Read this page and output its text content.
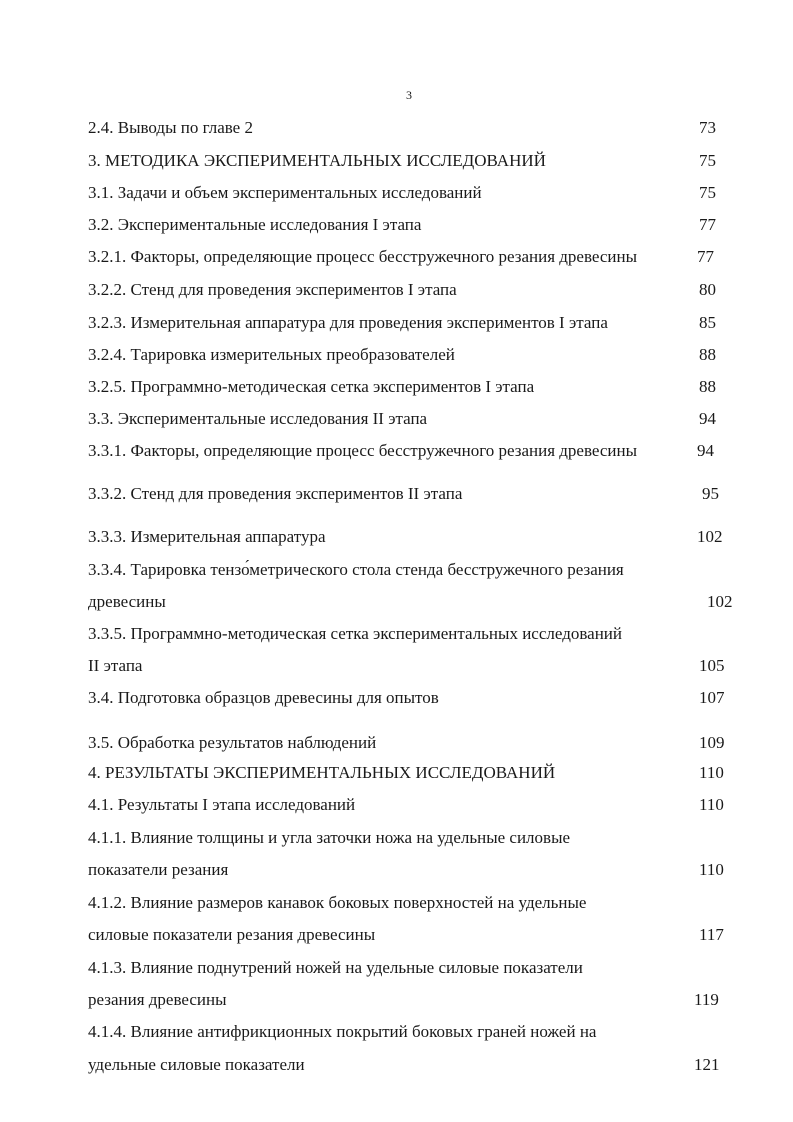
3
2.4. Выводы по главе 2	73
3. МЕТОДИКА ЭКСПЕРИМЕНТАЛЬНЫХ ИССЛЕДОВАНИЙ	75
3.1. Задачи и объем экспериментальных исследований	75
3.2. Экспериментальные исследования I этапа	77
3.2.1. Факторы, определяющие процесс бесстружечного резания древесины	77
3.2.2. Стенд для проведения экспериментов I этапа	80
3.2.3. Измерительная аппаратура для проведения экспериментов I этапа	85
3.2.4. Тарировка измерительных преобразователей	88
3.2.5. Программно-методическая сетка экспериментов I этапа	88
3.3. Экспериментальные исследования II этапа	94
3.3.1. Факторы, определяющие процесс бесстружечного резания древесины	94
3.3.2. Стенд для проведения экспериментов II этапа	95
3.3.3. Измерительная аппаратура	102
3.3.4. Тарировка тензо́метрического стола стенда бесстружечного резания
древесины	102
3.3.5. Программно-методическая сетка экспериментальных исследований
II этапа	105
3.4. Подготовка образцов древесины для опытов	107
3.5. Обработка результатов наблюдений	109
4. РЕЗУЛЬТАТЫ ЭКСПЕРИМЕНТАЛЬНЫХ ИССЛЕДОВАНИЙ	110
4.1. Результаты I этапа исследований	110
4.1.1. Влияние толщины и угла заточки ножа на удельные силовые
показатели резания	110
4.1.2. Влияние размеров канавок боковых поверхностей на удельные
силовые показатели резания древесины	117
4.1.3. Влияние поднутрений ножей на удельные силовые показатели
резания древесины	119
4.1.4. Влияние антифрикционных покрытий боковых граней ножей на
удельные силовые показатели	121
